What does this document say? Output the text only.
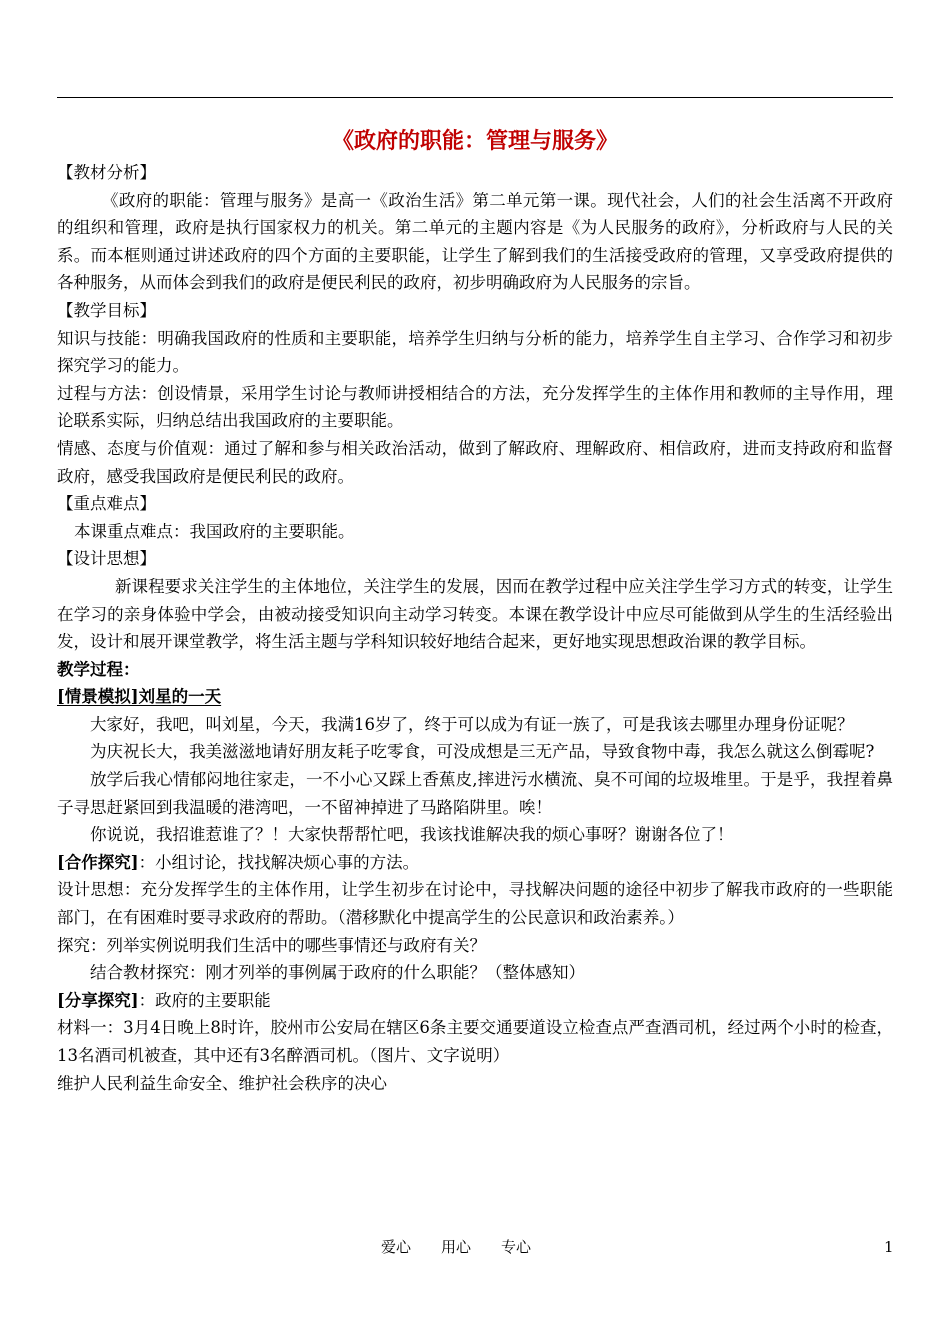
《政府的职能：管理与服务》

【教材分析】

《政府的职能：管理与服务》是高一《政治生活》第二单元第一课。现代社会，人们的社会生活离不开政府的组织和管理，政府是执行国家权力的机关。第二单元的主题内容是《为人民服务的政府》，分析政府与人民的关系。而本框则通过讲述政府的四个方面的主要职能，让学生了解到我们的生活接受政府的管理，又享受政府提供的各种服务，从而体会到我们的政府是便民利民的政府，初步明确政府为人民服务的宗旨。

【教学目标】

知识与技能：明确我国政府的性质和主要职能，培养学生归纳与分析的能力，培养学生自主学习、合作学习和初步探究学习的能力。

过程与方法：创设情景，采用学生讨论与教师讲授相结合的方法，充分发挥学生的主体作用和教师的主导作用，理论联系实际，归纳总结出我国政府的主要职能。

情感、态度与价值观：通过了解和参与相关政治活动，做到了解政府、理解政府、相信政府，进而支持政府和监督政府，感受我国政府是便民利民的政府。

【重点难点】

本课重点难点：我国政府的主要职能。

【设计思想】

新课程要求关注学生的主体地位，关注学生的发展，因而在教学过程中应关注学生学习方式的转变，让学生在学习的亲身体验中学会，由被动接受知识向主动学习转变。本课在教学设计中应尽可能做到从学生的生活经验出发，设计和展开课堂教学，将生活主题与学科知识较好地结合起来，更好地实现思想政治课的教学目标。

教学过程：

[情景模拟]刘星的一天

大家好，我吧，叫刘星，今天，我满16岁了，终于可以成为有证一族了，可是我该去哪里办理身份证呢？

为庆祝长大，我美滋滋地请好朋友耗子吃零食，可没成想是三无产品，导致食物中毒，我怎么就这么倒霉呢?

放学后我心情郁闷地往家走，一不小心又踩上香蕉皮,摔进污水横流、臭不可闻的垃圾堆里。于是乎，我捏着鼻子寻思赶紧回到我温暖的港湾吧，一不留神掉进了马路陷阱里。唉！

你说说，我招谁惹谁了？！大家快帮帮忙吧，我该找谁解决我的烦心事呀？谢谢各位了！

[合作探究]：小组讨论，找找解决烦心事的方法。

设计思想：充分发挥学生的主体作用，让学生初步在讨论中，寻找解决问题的途径中初步了解我市政府的一些职能部门，在有困难时要寻求政府的帮助。（潜移默化中提高学生的公民意识和政治素养。）

探究：列举实例说明我们生活中的哪些事情还与政府有关？

结合教材探究：刚才列举的事例属于政府的什么职能？（整体感知）

[分享探究]：政府的主要职能

材料一：3月4日晚上8时许，胶州市公安局在辖区6条主要交通要道设立检查点严查酒司机，经过两个小时的检查，13名酒司机被查，其中还有3名醉酒司机。（图片、文字说明）

维护人民利益生命安全、维护社会秩序的决心

爱心 用心 专心	1
